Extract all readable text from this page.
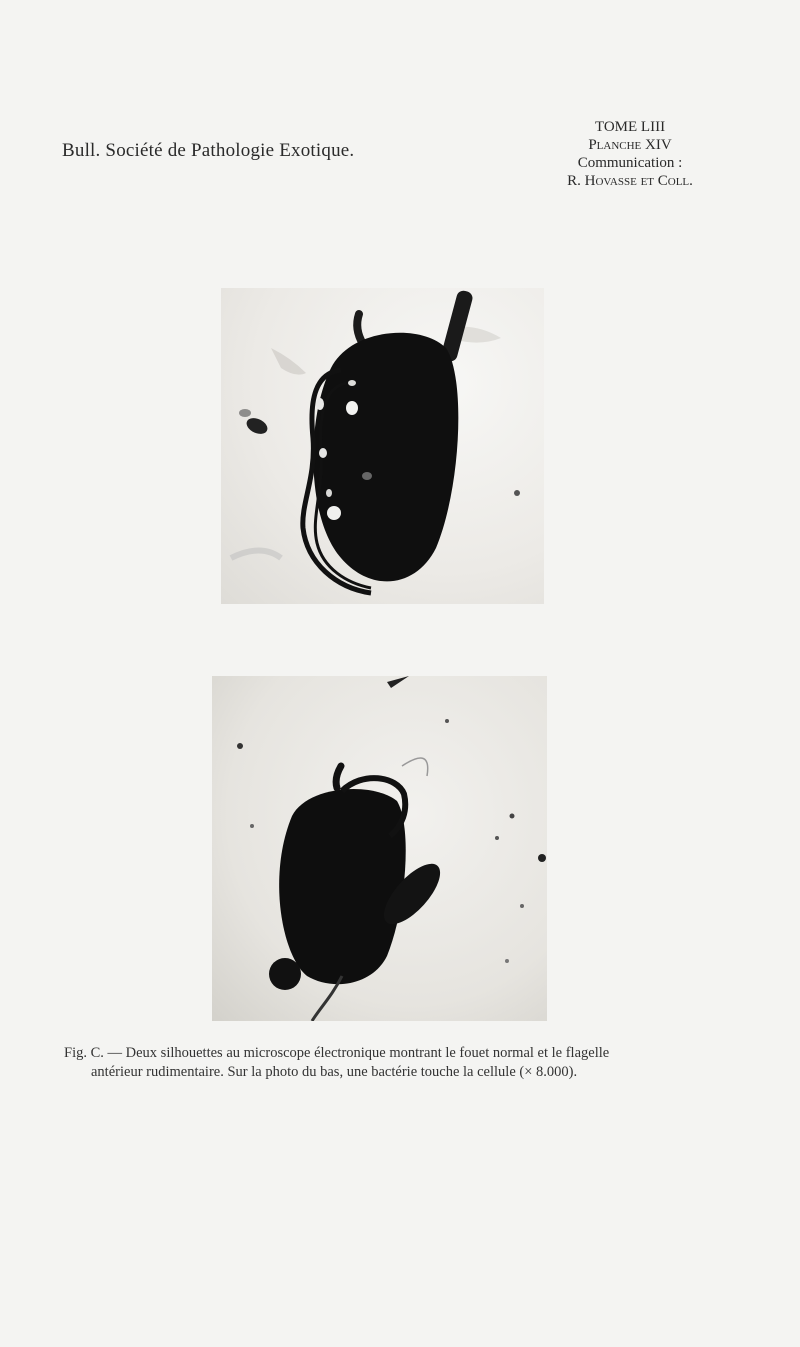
Bull. Société de Pathologie Exotique.
TOME LIII
Planche XIV
Communication :
R. Hovasse et Coll.
Fig. C. — Deux silhouettes au microscope électronique montrant le fouet normal et le flagelle
antérieur rudimentaire. Sur la photo du bas, une bactérie touche la cellule (× 8.000).
